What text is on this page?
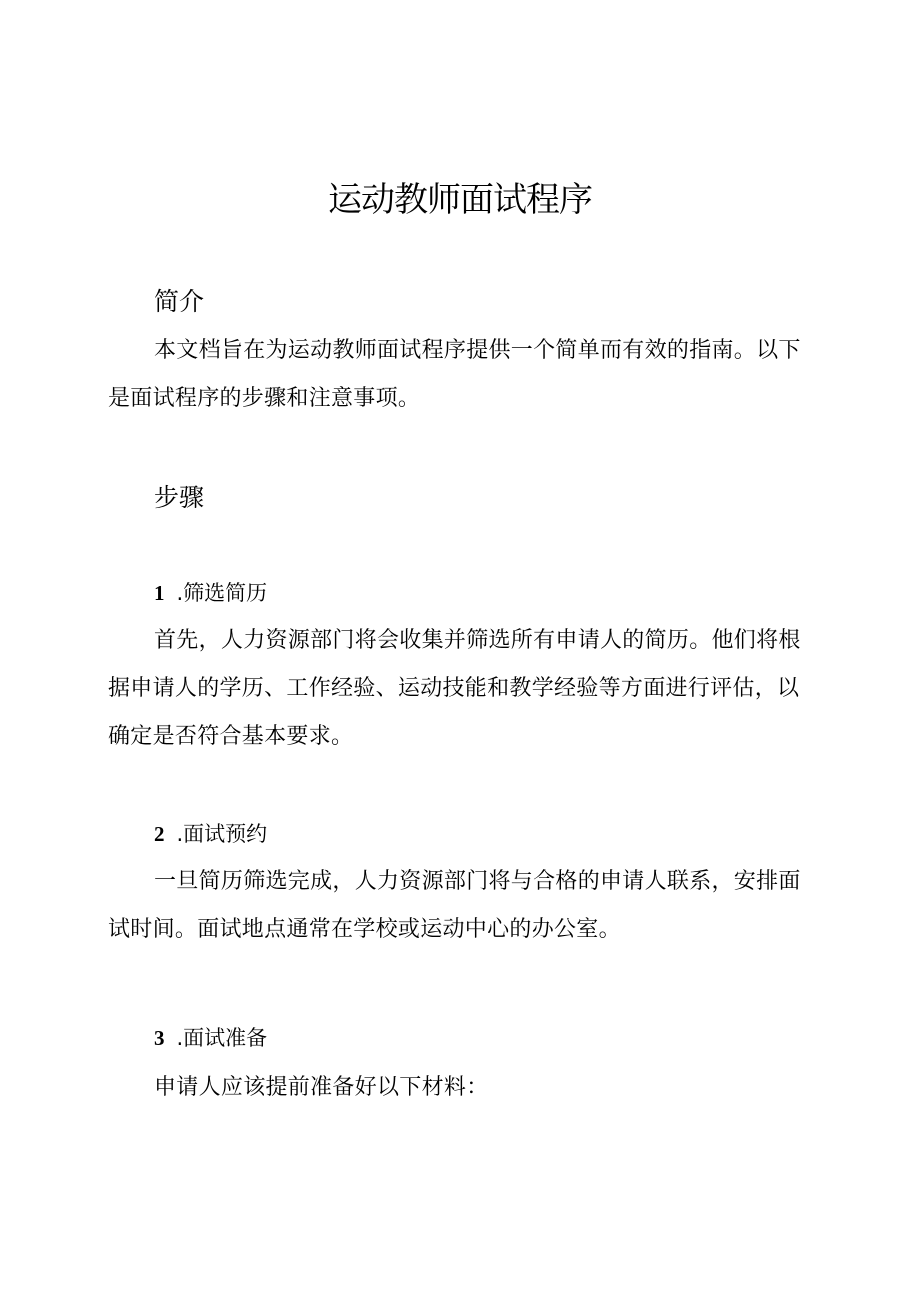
运动教师面试程序
简介
本文档旨在为运动教师面试程序提供一个简单而有效的指南。以下是面试程序的步骤和注意事项。
步骤
1 .筛选简历
首先，人力资源部门将会收集并筛选所有申请人的简历。他们将根据申请人的学历、工作经验、运动技能和教学经验等方面进行评估，以确定是否符合基本要求。
2 .面试预约
一旦简历筛选完成，人力资源部门将与合格的申请人联系，安排面试时间。面试地点通常在学校或运动中心的办公室。
3 .面试准备
申请人应该提前准备好以下材料：
